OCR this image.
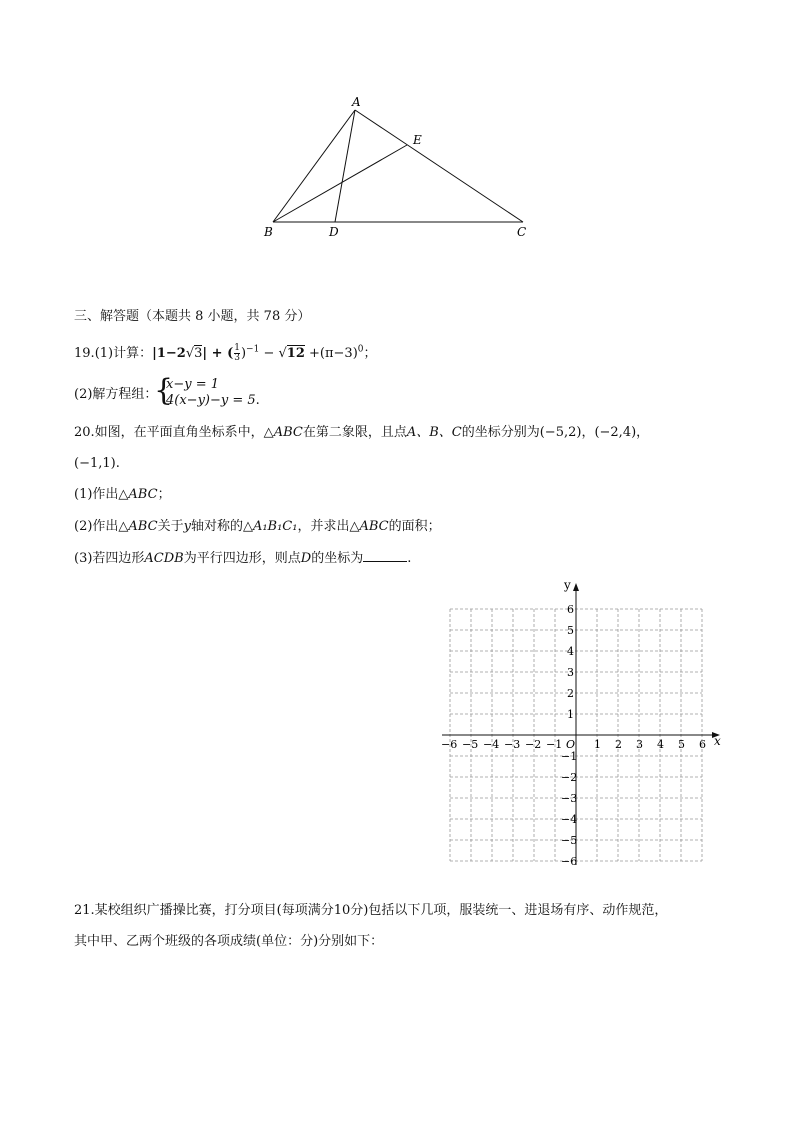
A
E
B	D	C
三、解答题（本题共 8 小题，共 78 分）
19.(1)计算：|1−2√3| + ( $\frac{1}{3} )^{-1} - √12 +(\pi-3)^0$；
(2)解方程组：
{
x−y = 1
4(x−y)−y = 5.
20.如图，在平面直角坐标系中，△ABC在第二象限，且点A、B、C的坐标分别为(−5,2)，(−2,4)，
(−1,1).
(1)作出△ABC；
(2)作出△ABC关于y轴对称的△A₁B₁C₁，并求出△ABC的面积；
(3)若四边形ACDB为平行四边形，则点D的坐标为	.
x
y
O
−6 −5 −4 −3 −2 −1	1 2 3 4 5 6
6
5
4
3
2
1
−1
−2
−3
−4
−5
−6
21.某校组织广播操比赛，打分项目(每项满分10分)包括以下几项，服装统一、进退场有序、动作规范，
其中甲、乙两个班级的各项成绩(单位：分)分别如下：
